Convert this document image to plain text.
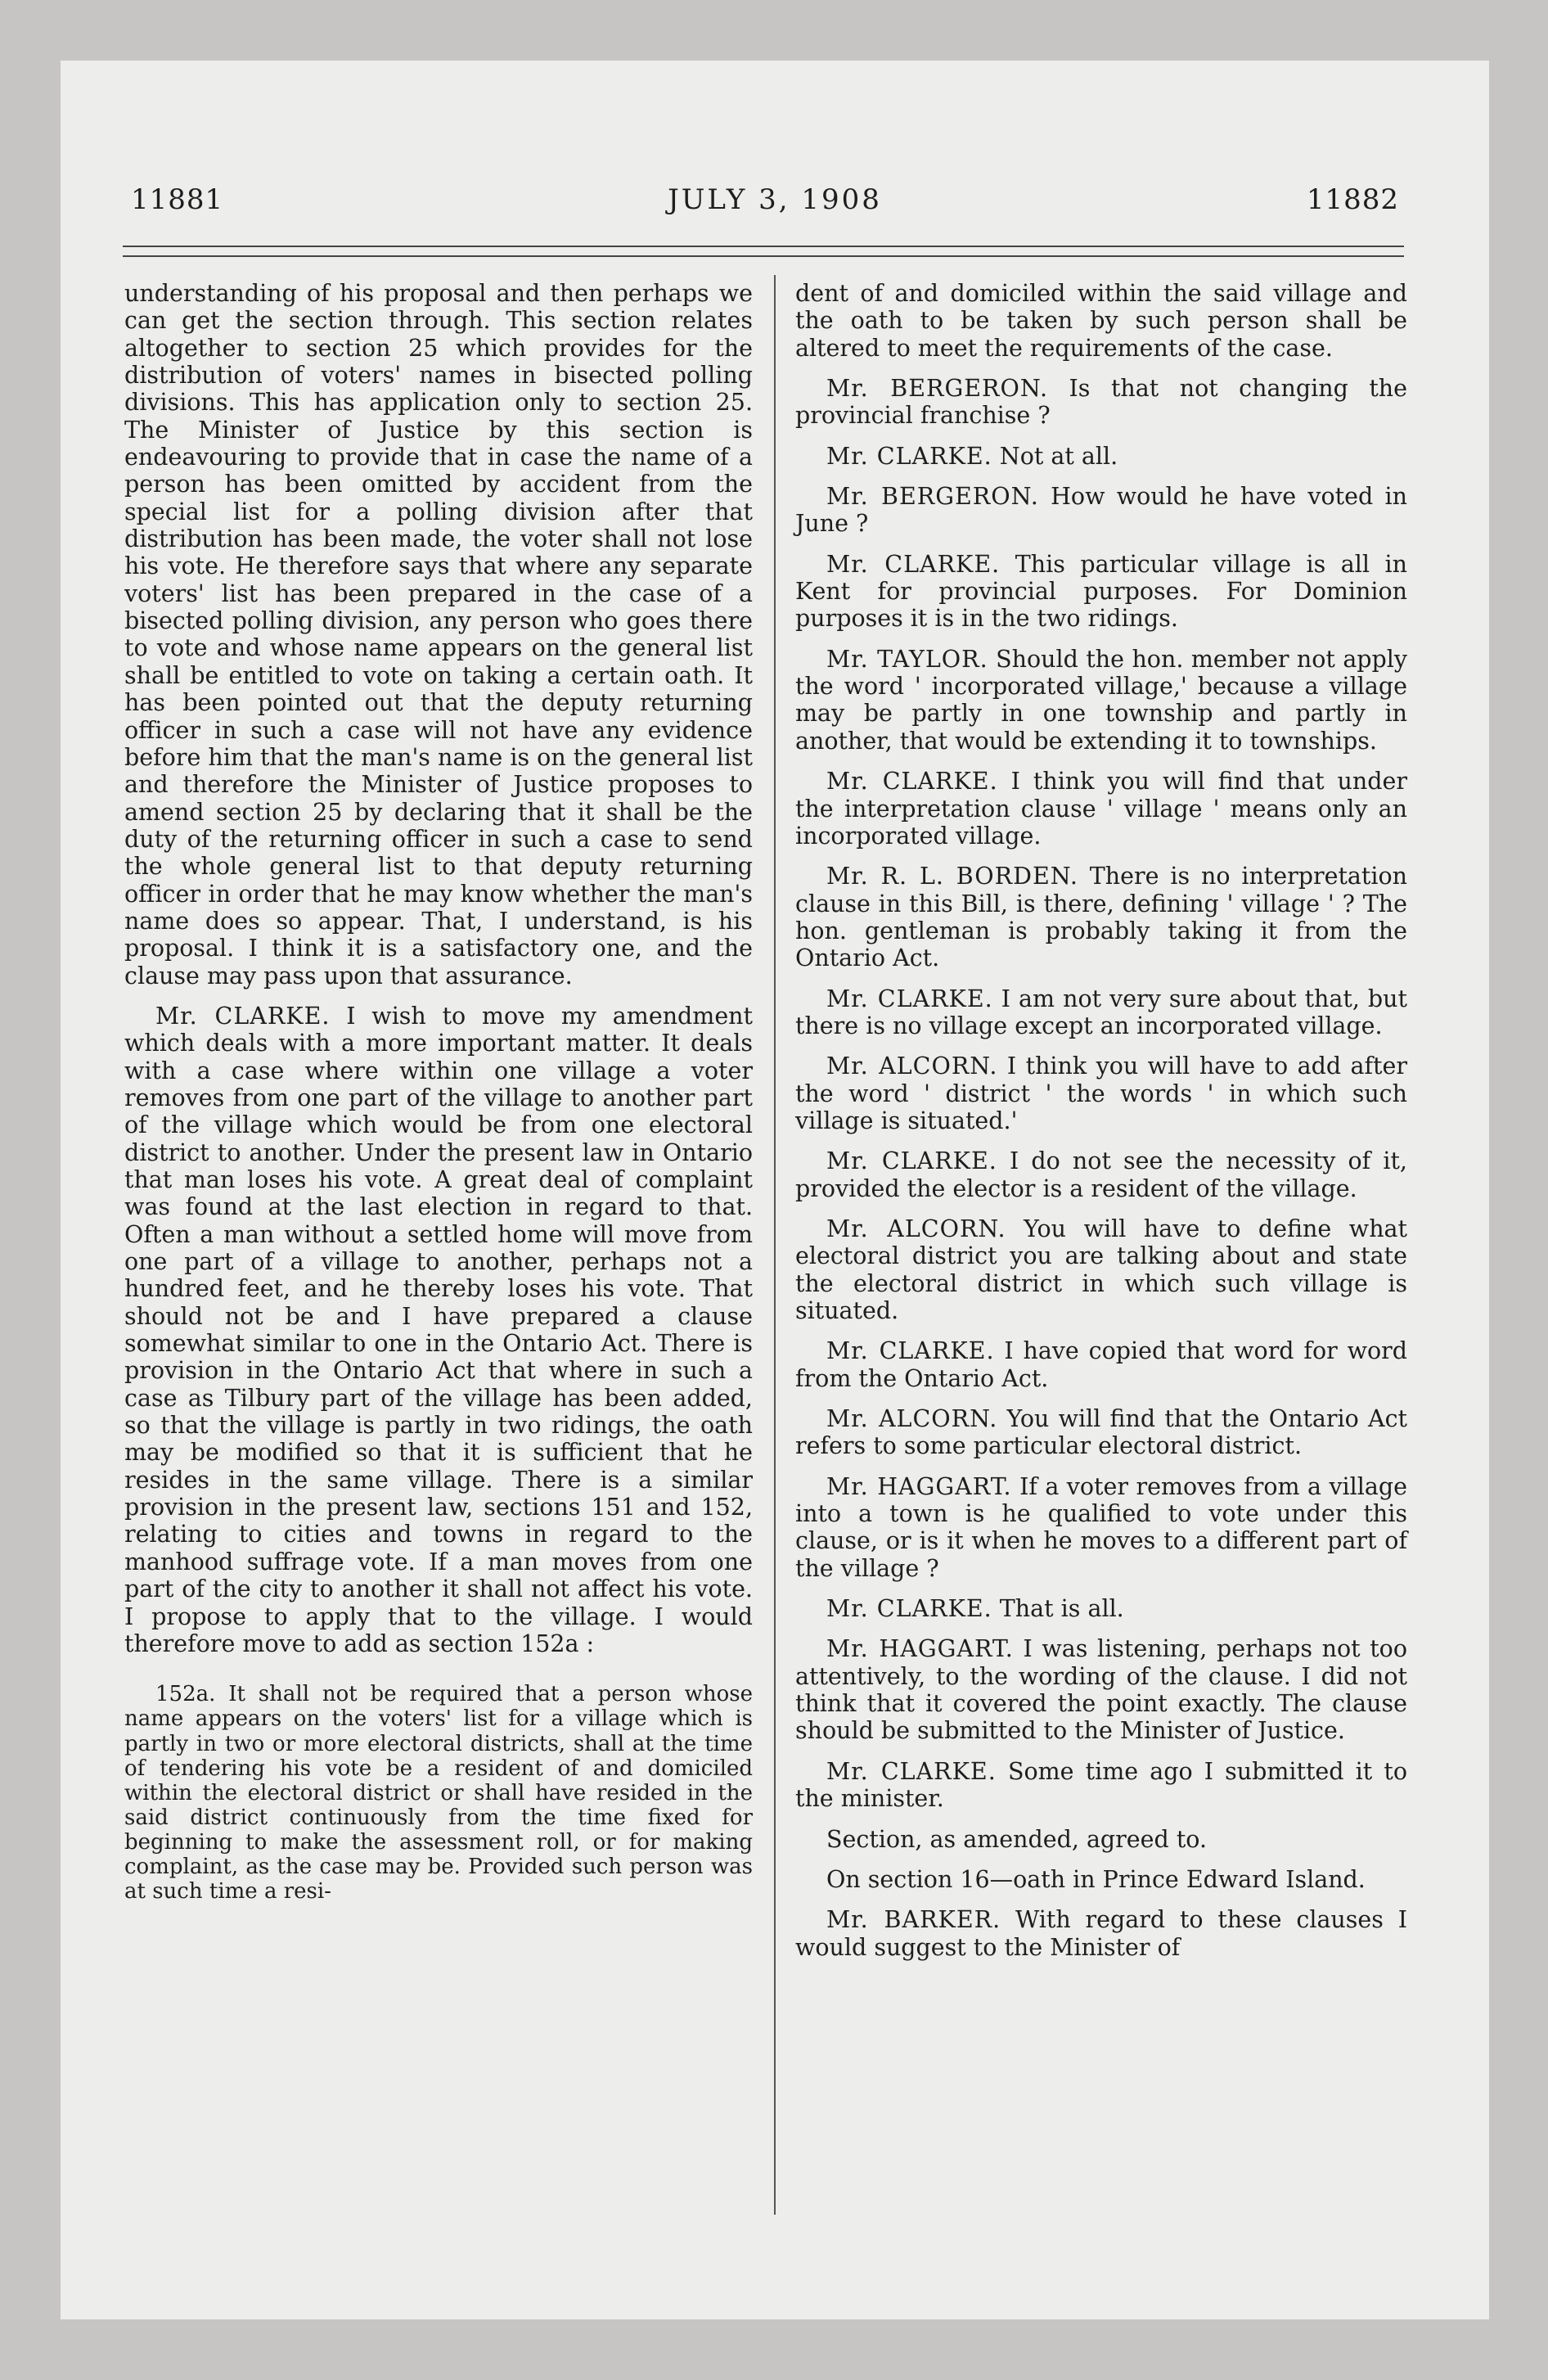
11881	JULY 3, 1908	11882

understanding of his proposal and then perhaps we can get the section through. This section relates altogether to section 25 which provides for the distribution of voters' names in bisected polling divisions. This has application only to section 25. The Minister of Justice by this section is endeavouring to provide that in case the name of a person has been omitted by accident from the special list for a polling division after that distribution has been made, the voter shall not lose his vote. He therefore says that where any separate voters' list has been prepared in the case of a bisected polling division, any person who goes there to vote and whose name appears on the general list shall be entitled to vote on taking a certain oath. It has been pointed out that the deputy returning officer in such a case will not have any evidence before him that the man's name is on the general list and therefore the Minister of Justice proposes to amend section 25 by declaring that it shall be the duty of the returning officer in such a case to send the whole general list to that deputy returning officer in order that he may know whether the man's name does so appear. That, I understand, is his proposal. I think it is a satisfactory one, and the clause may pass upon that assurance.

Mr. CLARKE. I wish to move my amendment which deals with a more important matter. It deals with a case where within one village a voter removes from one part of the village to another part of the village which would be from one electoral district to another. Under the present law in Ontario that man loses his vote. A great deal of complaint was found at the last election in regard to that. Often a man without a settled home will move from one part of a village to another, perhaps not a hundred feet, and he thereby loses his vote. That should not be and I have prepared a clause somewhat similar to one in the Ontario Act. There is provision in the Ontario Act that where in such a case as Tilbury part of the village has been added, so that the village is partly in two ridings, the oath may be modified so that it is sufficient that he resides in the same village. There is a similar provision in the present law, sections 151 and 152, relating to cities and towns in regard to the manhood suffrage vote. If a man moves from one part of the city to another it shall not affect his vote. I propose to apply that to the village. I would therefore move to add as section 152a :

152a. It shall not be required that a person whose name appears on the voters' list for a village which is partly in two or more electoral districts, shall at the time of tendering his vote be a resident of and domiciled within the electoral district or shall have resided in the said district continuously from the time fixed for beginning to make the assessment roll, or for making complaint, as the case may be. Provided such person was at such time a resi-

dent of and domiciled within the said village and the oath to be taken by such person shall be altered to meet the requirements of the case.

Mr. BERGERON. Is that not changing the provincial franchise ?

Mr. CLARKE. Not at all.

Mr. BERGERON. How would he have voted in June ?

Mr. CLARKE. This particular village is all in Kent for provincial purposes. For Dominion purposes it is in the two ridings.

Mr. TAYLOR. Should the hon. member not apply the word ' incorporated village,' because a village may be partly in one township and partly in another, that would be extending it to townships.

Mr. CLARKE. I think you will find that under the interpretation clause ' village ' means only an incorporated village.

Mr. R. L. BORDEN. There is no interpretation clause in this Bill, is there, defining ' village ' ? The hon. gentleman is probably taking it from the Ontario Act.

Mr. CLARKE. I am not very sure about that, but there is no village except an incorporated village.

Mr. ALCORN. I think you will have to add after the word ' district ' the words ' in which such village is situated.'

Mr. CLARKE. I do not see the necessity of it, provided the elector is a resident of the village.

Mr. ALCORN. You will have to define what electoral district you are talking about and state the electoral district in which such village is situated.

Mr. CLARKE. I have copied that word for word from the Ontario Act.

Mr. ALCORN. You will find that the Ontario Act refers to some particular electoral district.

Mr. HAGGART. If a voter removes from a village into a town is he qualified to vote under this clause, or is it when he moves to a different part of the village ?

Mr. CLARKE. That is all.

Mr. HAGGART. I was listening, perhaps not too attentively, to the wording of the clause. I did not think that it covered the point exactly. The clause should be submitted to the Minister of Justice.

Mr. CLARKE. Some time ago I submitted it to the minister.

Section, as amended, agreed to.

On section 16—oath in Prince Edward Island.

Mr. BARKER. With regard to these clauses I would suggest to the Minister of
